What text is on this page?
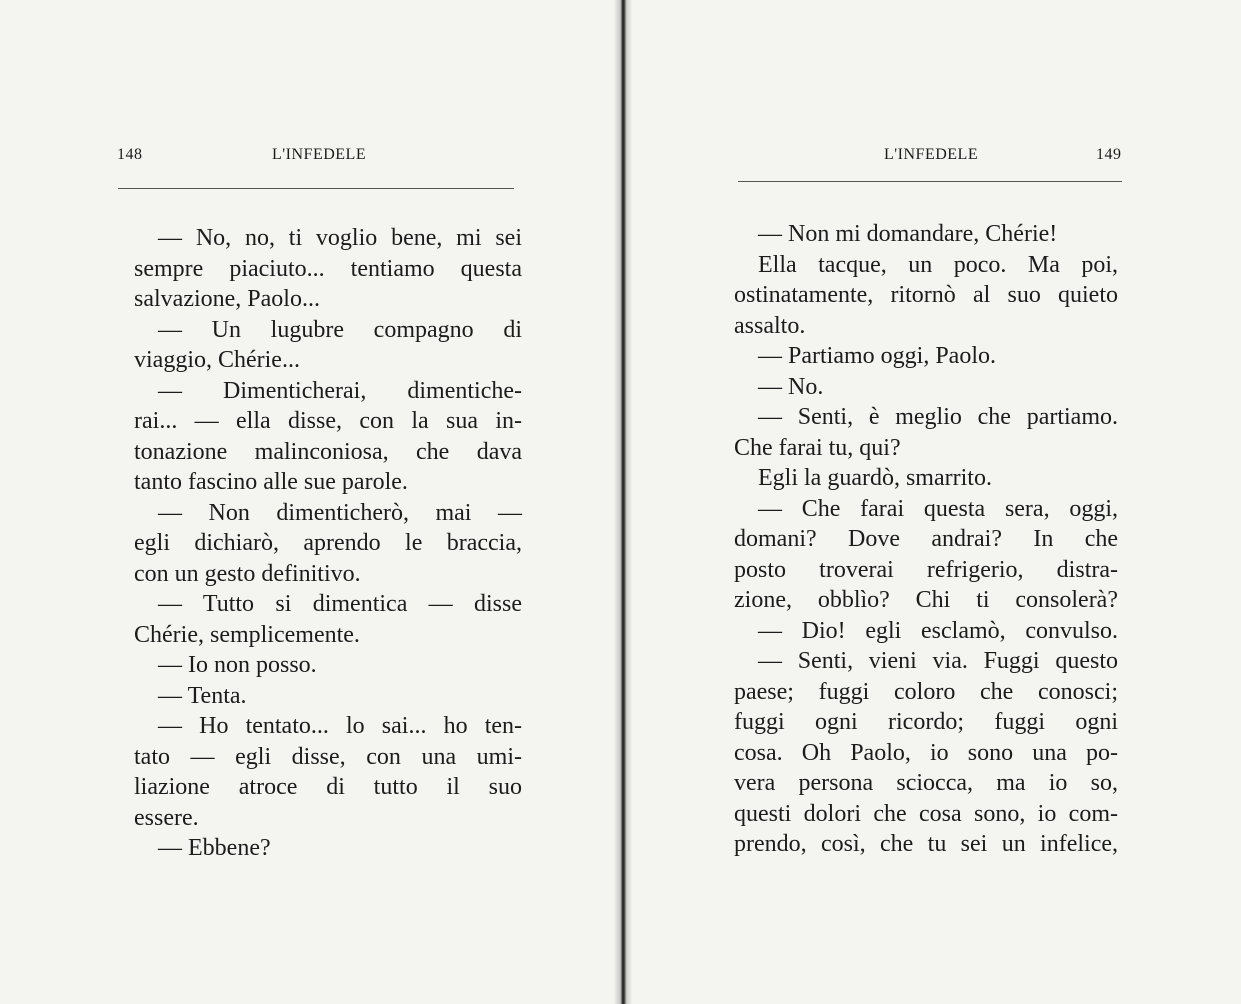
148	L'INFEDELE
— No, no, ti voglio bene, mi sei
sempre piaciuto... tentiamo questa
salvazione, Paolo...
— Un lugubre compagno di
viaggio, Chérie...
— Dimenticherai, dimentiche-
rai... — ella disse, con la sua in-
tonazione malinconiosa, che dava
tanto fascino alle sue parole.
— Non dimenticherò, mai —
egli dichiarò, aprendo le braccia,
con un gesto definitivo.
— Tutto si dimentica — disse
Chérie, semplicemente.
— Io non posso.
— Tenta.
— Ho tentato... lo sai... ho ten-
tato — egli disse, con una umi-
liazione atroce di tutto il suo
essere.
— Ebbene?
L'INFEDELE	149
— Non mi domandare, Chérie!
Ella tacque, un poco. Ma poi,
ostinatamente, ritornò al suo quieto
assalto.
— Partiamo oggi, Paolo.
— No.
— Senti, è meglio che partiamo.
Che farai tu, qui?
Egli la guardò, smarrito.
— Che farai questa sera, oggi,
domani? Dove andrai? In che
posto troverai refrigerio, distra-
zione, obblìo? Chi ti consolerà?
— Dio! egli esclamò, convulso.
— Senti, vieni via. Fuggi questo
paese; fuggi coloro che conosci;
fuggi ogni ricordo; fuggi ogni
cosa. Oh Paolo, io sono una po-
vera persona sciocca, ma io so,
questi dolori che cosa sono, io com-
prendo, così, che tu sei un infelice,
